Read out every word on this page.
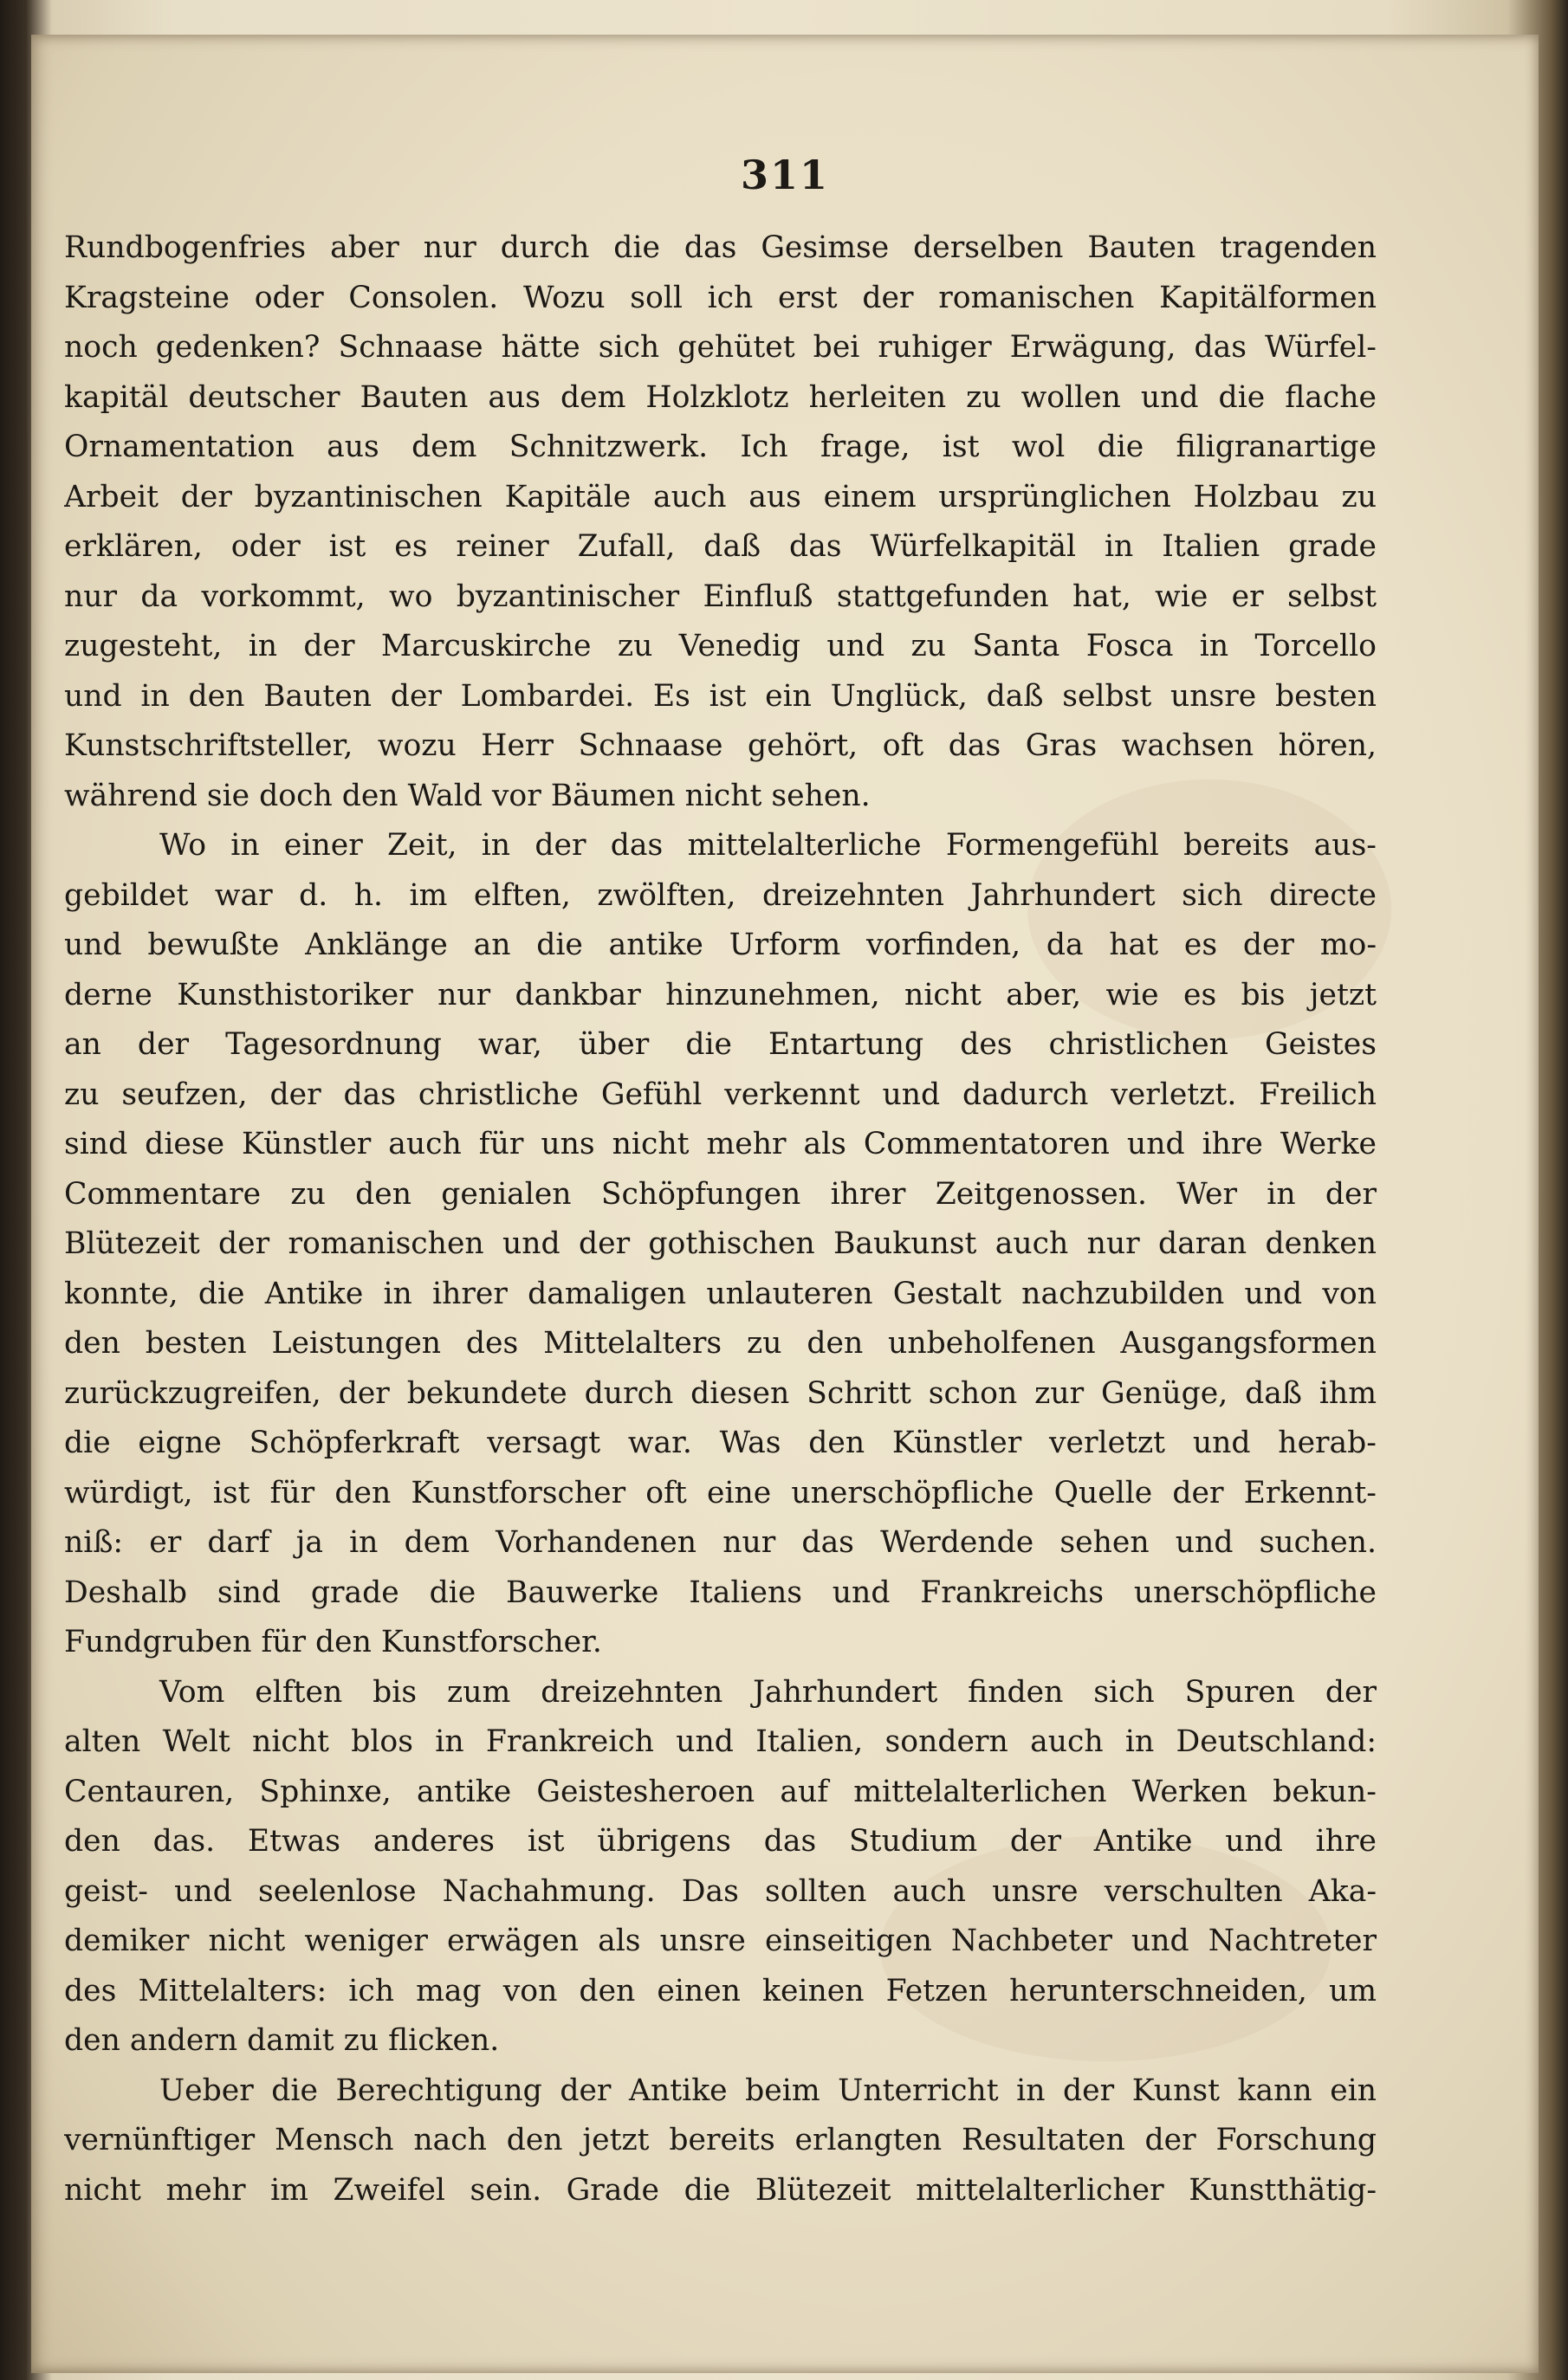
311
Rundbogenfries aber nur durch die das Gesimse derselben Bauten tragenden
Kragsteine oder Consolen. Wozu soll ich erst der romanischen Kapitälformen
noch gedenken? Schnaase hätte sich gehütet bei ruhiger Erwägung, das Würfel-
kapitäl deutscher Bauten aus dem Holzklotz herleiten zu wollen und die flache
Ornamentation aus dem Schnitzwerk. Ich frage, ist wol die filigranartige
Arbeit der byzantinischen Kapitäle auch aus einem ursprünglichen Holzbau zu
erklären, oder ist es reiner Zufall, daß das Würfelkapitäl in Italien grade
nur da vorkommt, wo byzantinischer Einfluß stattgefunden hat, wie er selbst
zugesteht, in der Marcuskirche zu Venedig und zu Santa Fosca in Torcello
und in den Bauten der Lombardei. Es ist ein Unglück, daß selbst unsre besten
Kunstschriftsteller, wozu Herr Schnaase gehört, oft das Gras wachsen hören,
während sie doch den Wald vor Bäumen nicht sehen.
Wo in einer Zeit, in der das mittelalterliche Formengefühl bereits aus-
gebildet war d. h. im elften, zwölften, dreizehnten Jahrhundert sich directe
und bewußte Anklänge an die antike Urform vorfinden, da hat es der mo-
derne Kunsthistoriker nur dankbar hinzunehmen, nicht aber, wie es bis jetzt
an der Tagesordnung war, über die Entartung des christlichen Geistes
zu seufzen, der das christliche Gefühl verkennt und dadurch verletzt. Freilich
sind diese Künstler auch für uns nicht mehr als Commentatoren und ihre Werke
Commentare zu den genialen Schöpfungen ihrer Zeitgenossen. Wer in der
Blütezeit der romanischen und der gothischen Baukunst auch nur daran denken
konnte, die Antike in ihrer damaligen unlauteren Gestalt nachzubilden und von
den besten Leistungen des Mittelalters zu den unbeholfenen Ausgangsformen
zurückzugreifen, der bekundete durch diesen Schritt schon zur Genüge, daß ihm
die eigne Schöpferkraft versagt war. Was den Künstler verletzt und herab-
würdigt, ist für den Kunstforscher oft eine unerschöpfliche Quelle der Erkennt-
niß: er darf ja in dem Vorhandenen nur das Werdende sehen und suchen.
Deshalb sind grade die Bauwerke Italiens und Frankreichs unerschöpfliche
Fundgruben für den Kunstforscher.
Vom elften bis zum dreizehnten Jahrhundert finden sich Spuren der
alten Welt nicht blos in Frankreich und Italien, sondern auch in Deutschland:
Centauren, Sphinxe, antike Geistesheroen auf mittelalterlichen Werken bekun-
den das. Etwas anderes ist übrigens das Studium der Antike und ihre
geist- und seelenlose Nachahmung. Das sollten auch unsre verschulten Aka-
demiker nicht weniger erwägen als unsre einseitigen Nachbeter und Nachtreter
des Mittelalters: ich mag von den einen keinen Fetzen herunterschneiden, um
den andern damit zu flicken.
Ueber die Berechtigung der Antike beim Unterricht in der Kunst kann ein
vernünftiger Mensch nach den jetzt bereits erlangten Resultaten der Forschung
nicht mehr im Zweifel sein. Grade die Blütezeit mittelalterlicher Kunstthätig-
